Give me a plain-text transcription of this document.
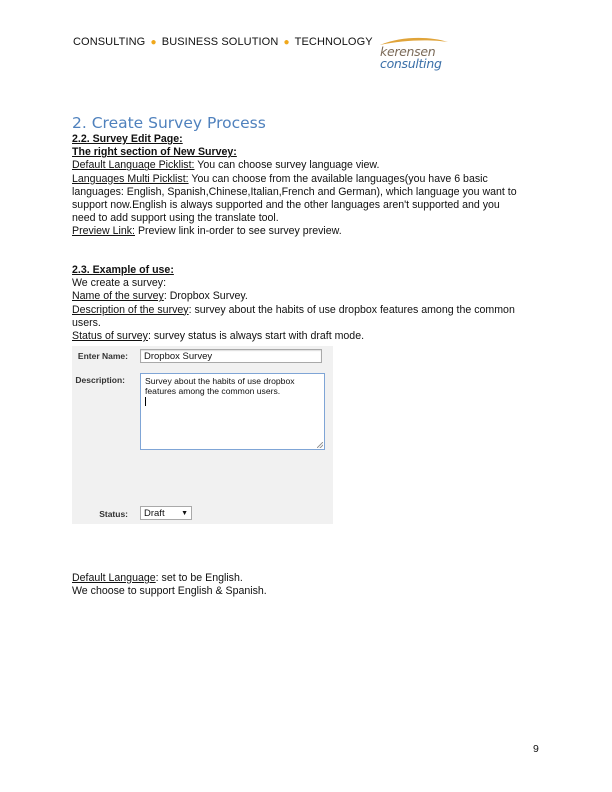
CONSULTING ● BUSINESS SOLUTION ● TECHNOLOGY
kerensen
consulting
2. Create Survey Process
2.2. Survey Edit Page:
The right section of New Survey:
Default Language Picklist: You can choose survey language view.
Languages Multi Picklist: You can choose from the available languages(you have 6 basic
languages: English, Spanish,Chinese,Italian,French and German), which language you want to
support now.English is always supported and the other languages aren't supported and you
need to add support using the translate tool.
Preview Link: Preview link in-order to see survey preview.
2.3. Example of use:
We create a survey:
Name of the survey: Dropbox Survey.
Description of the survey: survey about the habits of use dropbox features among the common
users.
Status of survey: survey status is always start with draft mode.
Enter Name:	Dropbox Survey
Description: Survey about the habits of use dropbox
features among the common users.
Status:	Draft ▼
Default Language: set to be English.
We choose to support English & Spanish.
9
